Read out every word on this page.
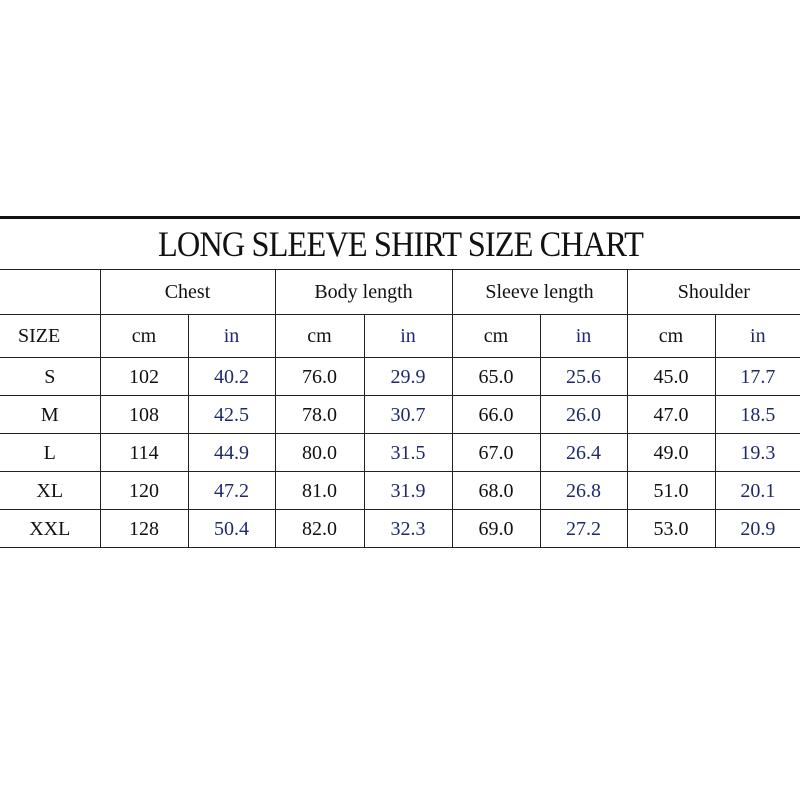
LONG SLEEVE SHIRT SIZE CHART								
	Chest		Body length		Sleeve length		Shoulder	
SIZE	cm	in	cm	in	cm	in	cm	in
S	102	40.2	76.0	29.9	65.0	25.6	45.0	17.7
M	108	42.5	78.0	30.7	66.0	26.0	47.0	18.5
L	114	44.9	80.0	31.5	67.0	26.4	49.0	19.3
XL	120	47.2	81.0	31.9	68.0	26.8	51.0	20.1
XXL	128	50.4	82.0	32.3	69.0	27.2	53.0	20.9
